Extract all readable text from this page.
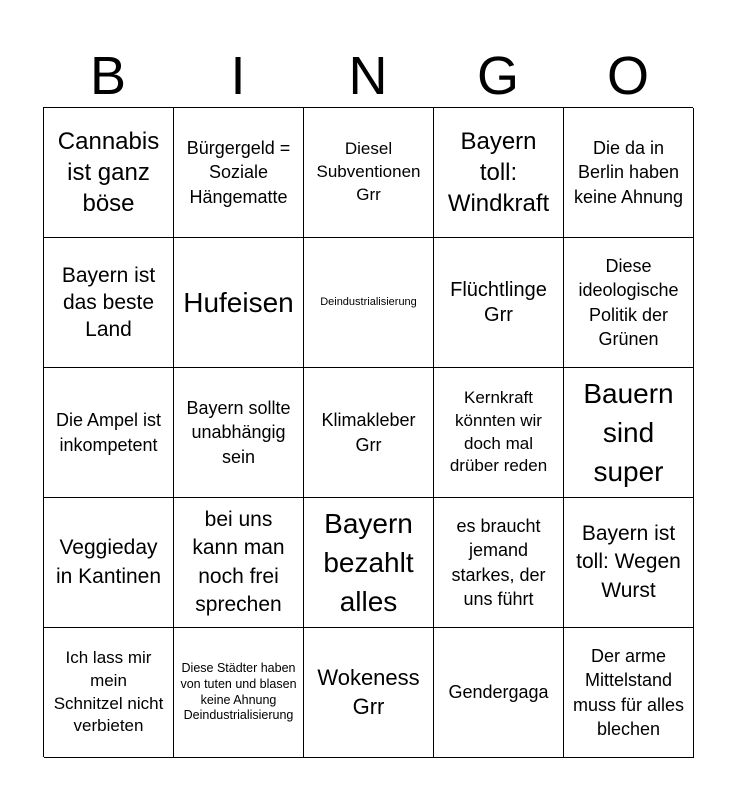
B	I	N	G	O
Cannabis ist ganz böse
Bürgergeld = Soziale Hängematte
Diesel Subventionen Grr
Bayern toll: Windkraft
Die da in Berlin haben keine Ahnung
Bayern ist das beste Land
Hufeisen Deindustrialisierung
Flüchtlinge Grr
Diese ideologische Politik der Grünen
Die Ampel ist inkompetent
Bayern sollte unabhängig sein
Klimakleber Grr
Kernkraft könnten wir doch mal drüber reden
Bauern sind super
Veggieday in Kantinen
bei uns kann man noch frei sprechen
Bayern bezahlt alles
es braucht jemand starkes, der uns führt
Bayern ist toll: Wegen Wurst
Ich lass mir mein Schnitzel nicht verbieten
Diese Städter haben von tuten und blasen keine Ahnung Deindustrialisierung
Wokeness Grr
Gendergaga
Der arme Mittelstand muss für alles blechen
